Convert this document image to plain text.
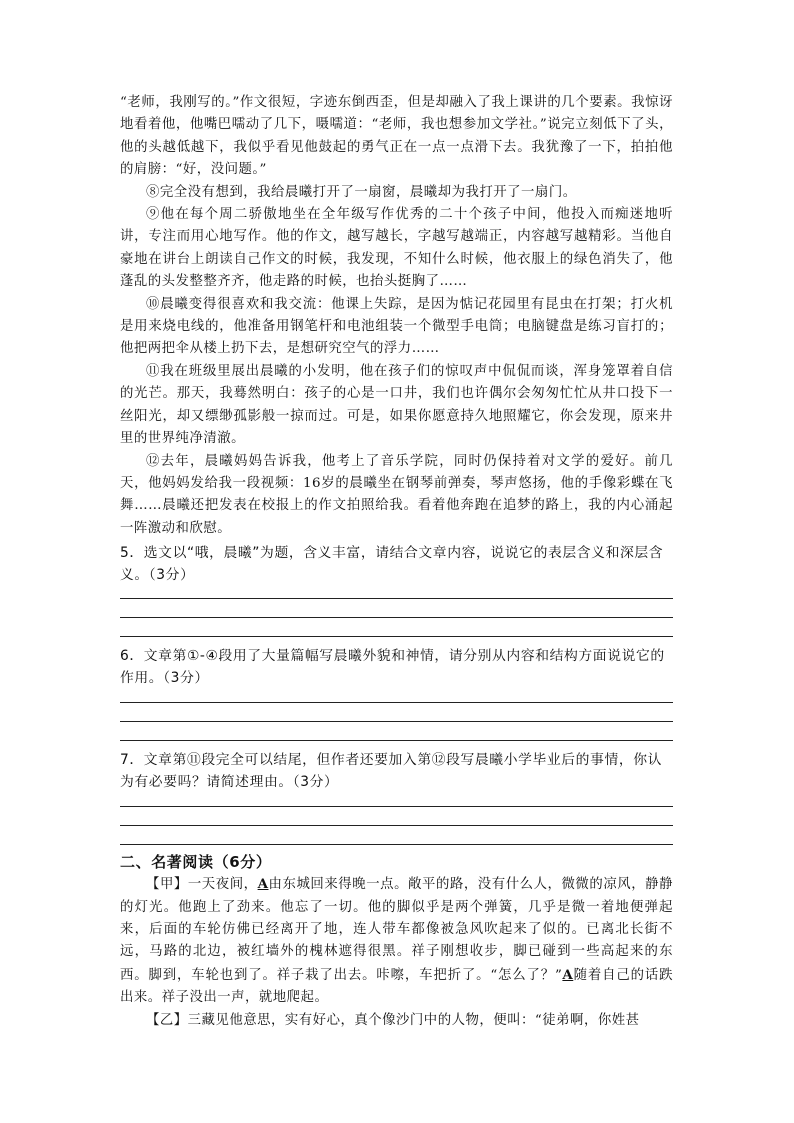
“老师，我刚写的。”作文很短，字迹东倒西歪，但是却融入了我上课讲的几个要素。我惊讶地看着他，他嘴巴嚅动了几下，嗫嚅道：“老师，我也想参加文学社。”说完立刻低下了头，他的头越低越下，我似乎看见他鼓起的勇气正在一点一点滑下去。我犹豫了一下，拍拍他的肩膀：“好，没问题。”

⑧完全没有想到，我给晨曦打开了一扇窗，晨曦却为我打开了一扇门。

⑨他在每个周二骄傲地坐在全年级写作优秀的二十个孩子中间，他投入而痴迷地听讲，专注而用心地写作。他的作文，越写越长，字越写越端正，内容越写越精彩。当他自豪地在讲台上朗读自己作文的时候，我发现，不知什么时候，他衣服上的绿色消失了，他蓬乱的头发整整齐齐，他走路的时候，也抬头挺胸了……

⑩晨曦变得很喜欢和我交流：他课上失踪，是因为惦记花园里有昆虫在打架；打火机是用来烧电线的，他准备用钢笔杆和电池组装一个微型手电筒；电脑键盘是练习盲打的；他把两把伞从楼上扔下去，是想研究空气的浮力……

⑪我在班级里展出晨曦的小发明，他在孩子们的惊叹声中侃侃而谈，浑身笼罩着自信的光芒。那天，我蓦然明白：孩子的心是一口井，我们也许偶尔会匆匆忙忙从井口投下一丝阳光，却又缥缈孤影般一掠而过。可是，如果你愿意持久地照耀它，你会发现，原来井里的世界纯净清澈。

⑫去年，晨曦妈妈告诉我，他考上了音乐学院，同时仍保持着对文学的爱好。前几天，他妈妈发给我一段视频：16岁的晨曦坐在钢琴前弹奏，琴声悠扬，他的手像彩蝶在飞舞……晨曦还把发表在校报上的作文拍照给我。看着他奔跑在追梦的路上，我的内心涌起一阵激动和欣慰。

5．选文以“哦，晨曦”为题，含义丰富，请结合文章内容，说说它的表层含义和深层含义。（3分）

6．文章第①-④段用了大量篇幅写晨曦外貌和神情，请分别从内容和结构方面说说它的作用。（3分）

7．文章第⑪段完全可以结尾，但作者还要加入第⑫段写晨曦小学毕业后的事情，你认为有必要吗？请简述理由。（3分）

二、名著阅读（6分）

【甲】一天夜间，A由东城回来得晚一点。敞平的路，没有什么人，微微的凉风，静静的灯光。他跑上了劲来。他忘了一切。他的脚似乎是两个弹簧，几乎是微一着地便弹起来，后面的车轮仿佛已经离开了地，连人带车都像被急风吹起来了似的。已离北长街不远，马路的北边，被红墙外的槐林遮得很黑。祥子刚想收步，脚已碰到一些高起来的东西。脚到，车轮也到了。祥子栽了出去。咔嚓，车把折了。“怎么了？”A随着自己的话跌出来。祥子没出一声，就地爬起。

【乙】三藏见他意思，实有好心，真个像沙门中的人物，便叫：“徒弟啊，你姓甚
